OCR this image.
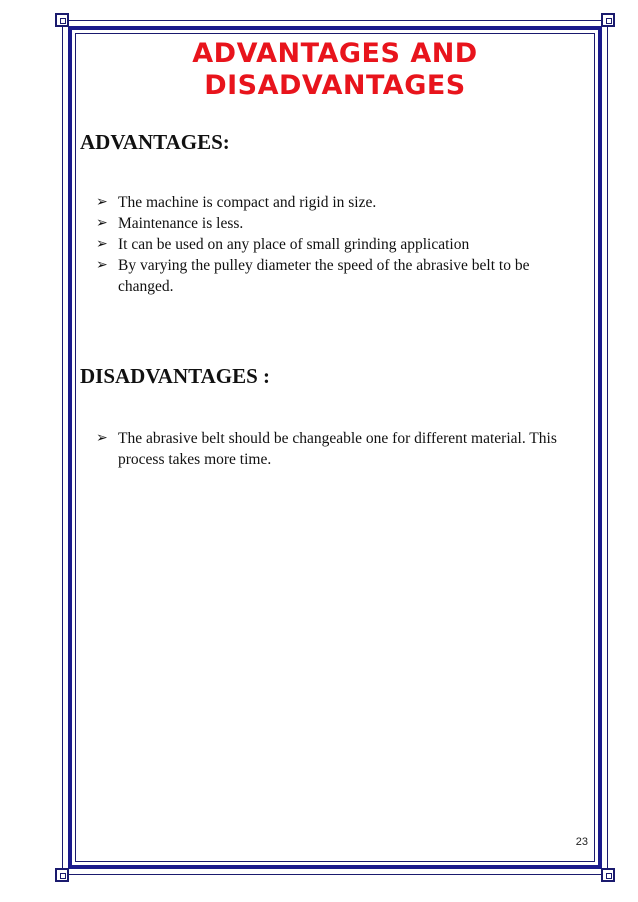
ADVANTAGES AND
DISADVANTAGES
ADVANTAGES:
➢ The machine is compact and rigid in size.
➢ Maintenance is less.
➢ It can be used on any place of small grinding application
➢ By varying the pulley diameter the speed of the abrasive belt to be changed.
DISADVANTAGES :
➢ The abrasive belt should be changeable one for different material. This process takes more time.
23
